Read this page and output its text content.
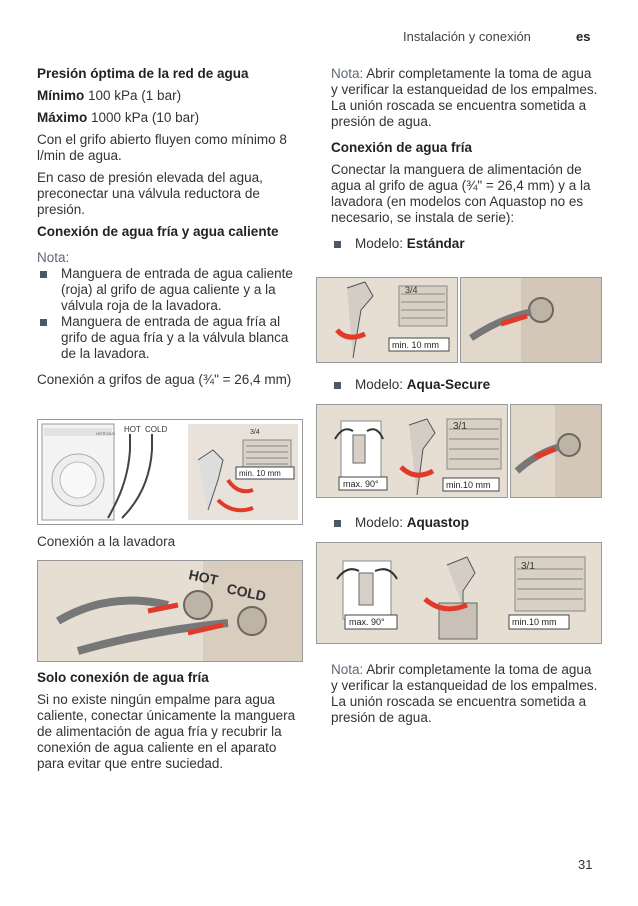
Instalación y conexión	es
Presión óptima de la red de agua
Mínimo 100 kPa (1 bar)
Máximo 1000 kPa (10 bar)
Con el grifo abierto fluyen como mínimo 8 l/min de agua.
En caso de presión elevada del agua, preconectar una válvula reductora de presión.
Conexión de agua fría y agua caliente
Nota:
Manguera de entrada de agua caliente (roja) al grifo de agua caliente y a la válvula roja de la lavadora.
Manguera de entrada de agua fría al grifo de agua fría y a la válvula blanca de la lavadora.
Conexión a grifos de agua (¾" = 26,4 mm)
HOT COLD HOT COLD	3/4
min. 10 mm
Conexión a la lavadora
HOT
COLD
Solo conexión de agua fría
Si no existe ningún empalme para agua caliente, conectar únicamente la manguera de alimentación de agua fría y recubrir la conexión de agua caliente en el aparato para evitar que entre suciedad.
Nota: Abrir completamente la toma de agua y verificar la estanqueidad de los empalmes. La unión roscada se encuentra sometida a presión de agua.
Conexión de agua fría
Conectar la manguera de alimentación de agua al grifo de agua (¾" = 26,4 mm) y a la lavadora (en modelos con Aquastop no es necesario, se instala de serie):
Modelo: Estándar
3/4
min. 10 mm
Modelo: Aqua-Secure
max. 90°
3/1
min.10 mm
Modelo: Aquastop
max. 90°
3/1
min.10 mm
Nota: Abrir completamente la toma de agua y verificar la estanqueidad de los empalmes. La unión roscada se encuentra sometida a presión de agua.
31
